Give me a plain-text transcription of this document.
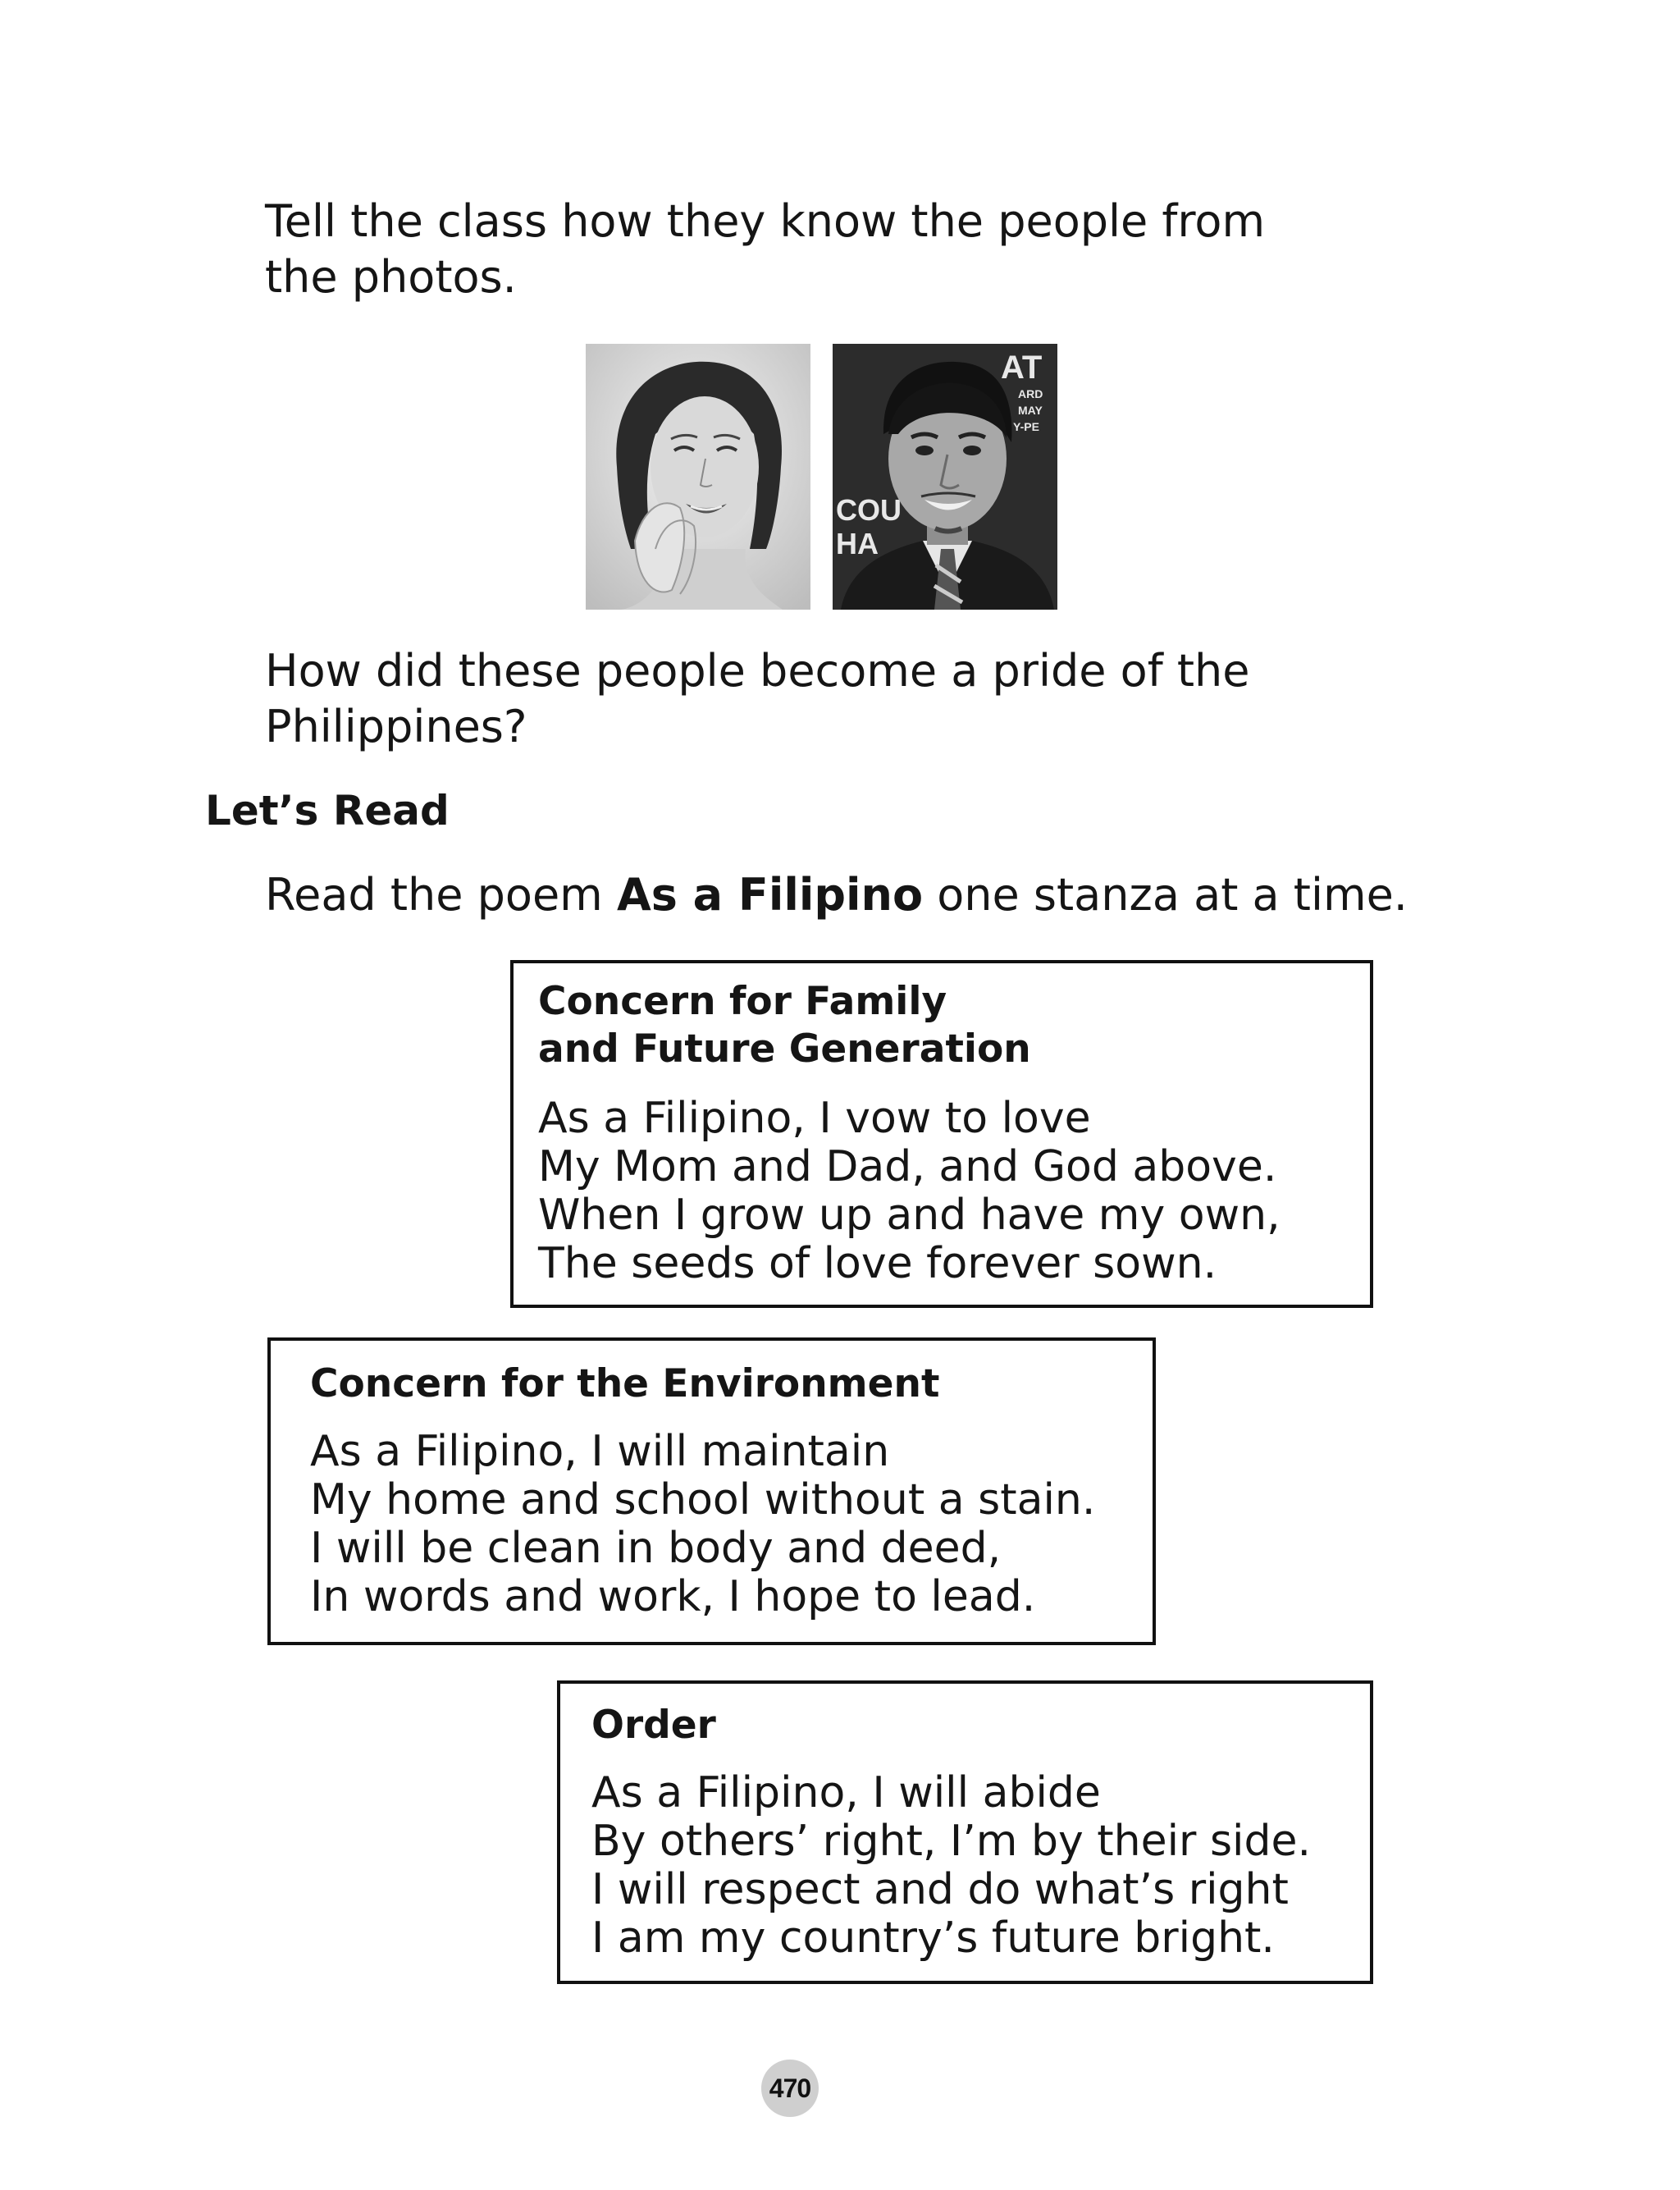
Tell the class how they know the people from
the photos.

AT
ARD
MAY
Y-PE
COU
HA

How did these people become a pride of the
Philippines?

Let’s Read

Read the poem As a Filipino one stanza at a time.

Concern for Family
and Future Generation

As a Filipino, I vow to love
My Mom and Dad, and God above.
When I grow up and have my own,
The seeds of love forever sown.

Concern for the Environment

As a Filipino, I will maintain
My home and school without a stain.
I will be clean in body and deed,
In words and work, I hope to lead.

Order

As a Filipino, I will abide
By others’ right, I’m by their side.
I will respect and do what’s right
I am my country’s future bright.

470
